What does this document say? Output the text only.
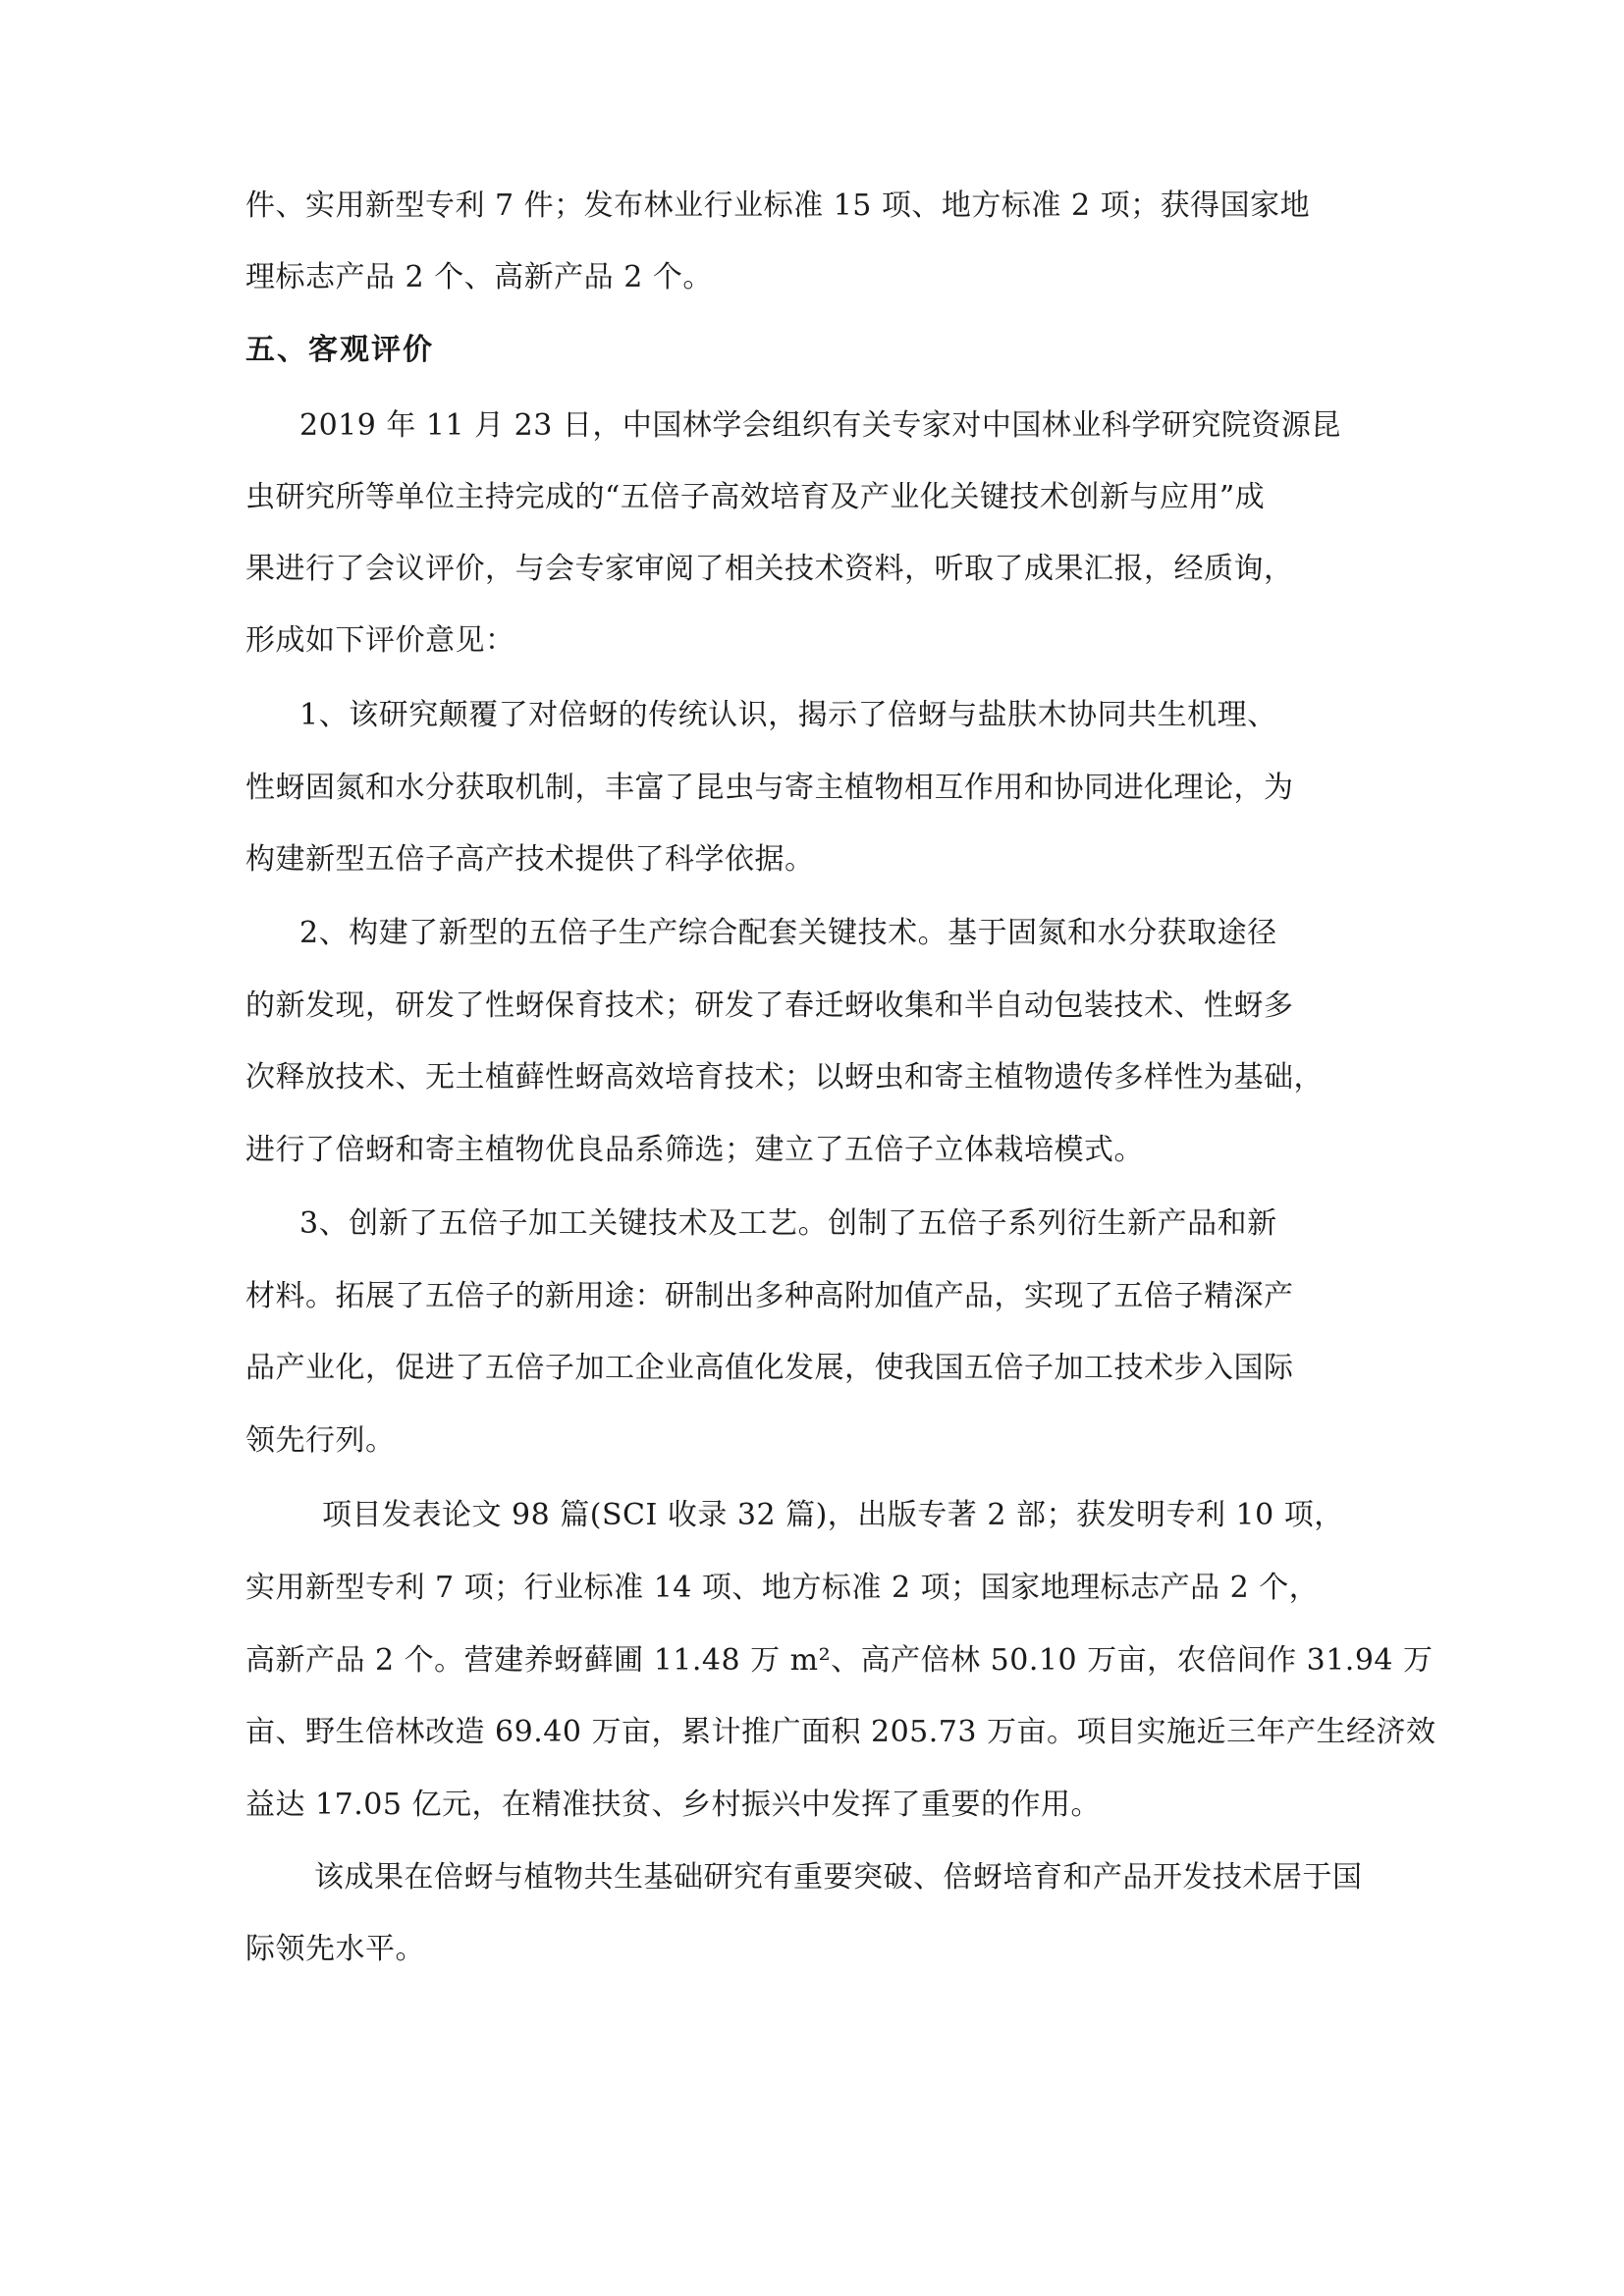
件、实用新型专利 7 件；发布林业行业标准 15 项、地方标准 2 项；获得国家地
理标志产品 2 个、高新产品 2 个。
五、客观评价
2019 年 11 月 23 日，中国林学会组织有关专家对中国林业科学研究院资源昆
虫研究所等单位主持完成的“五倍子高效培育及产业化关键技术创新与应用”成
果进行了会议评价，与会专家审阅了相关技术资料，听取了成果汇报，经质询，
形成如下评价意见：
1、该研究颠覆了对倍蚜的传统认识，揭示了倍蚜与盐肤木协同共生机理、
性蚜固氮和水分获取机制，丰富了昆虫与寄主植物相互作用和协同进化理论，为
构建新型五倍子高产技术提供了科学依据。
2、构建了新型的五倍子生产综合配套关键技术。基于固氮和水分获取途径
的新发现，研发了性蚜保育技术；研发了春迁蚜收集和半自动包装技术、性蚜多
次释放技术、无土植藓性蚜高效培育技术；以蚜虫和寄主植物遗传多样性为基础，
进行了倍蚜和寄主植物优良品系筛选；建立了五倍子立体栽培模式。
3、创新了五倍子加工关键技术及工艺。创制了五倍子系列衍生新产品和新
材料。拓展了五倍子的新用途：研制出多种高附加值产品，实现了五倍子精深产
品产业化，促进了五倍子加工企业高值化发展，使我国五倍子加工技术步入国际
领先行列。
项目发表论文 98 篇(SCI 收录 32 篇)，出版专著 2 部；获发明专利 10 项，
实用新型专利 7 项；行业标准 14 项、地方标准 2 项；国家地理标志产品 2 个，
高新产品 2 个。营建养蚜藓圃 11.48 万 m²、高产倍林 50.10 万亩，农倍间作 31.94 万
亩、野生倍林改造 69.40 万亩，累计推广面积 205.73 万亩。项目实施近三年产生经济效
益达 17.05 亿元，在精准扶贫、乡村振兴中发挥了重要的作用。
该成果在倍蚜与植物共生基础研究有重要突破、倍蚜培育和产品开发技术居于国
际领先水平。
